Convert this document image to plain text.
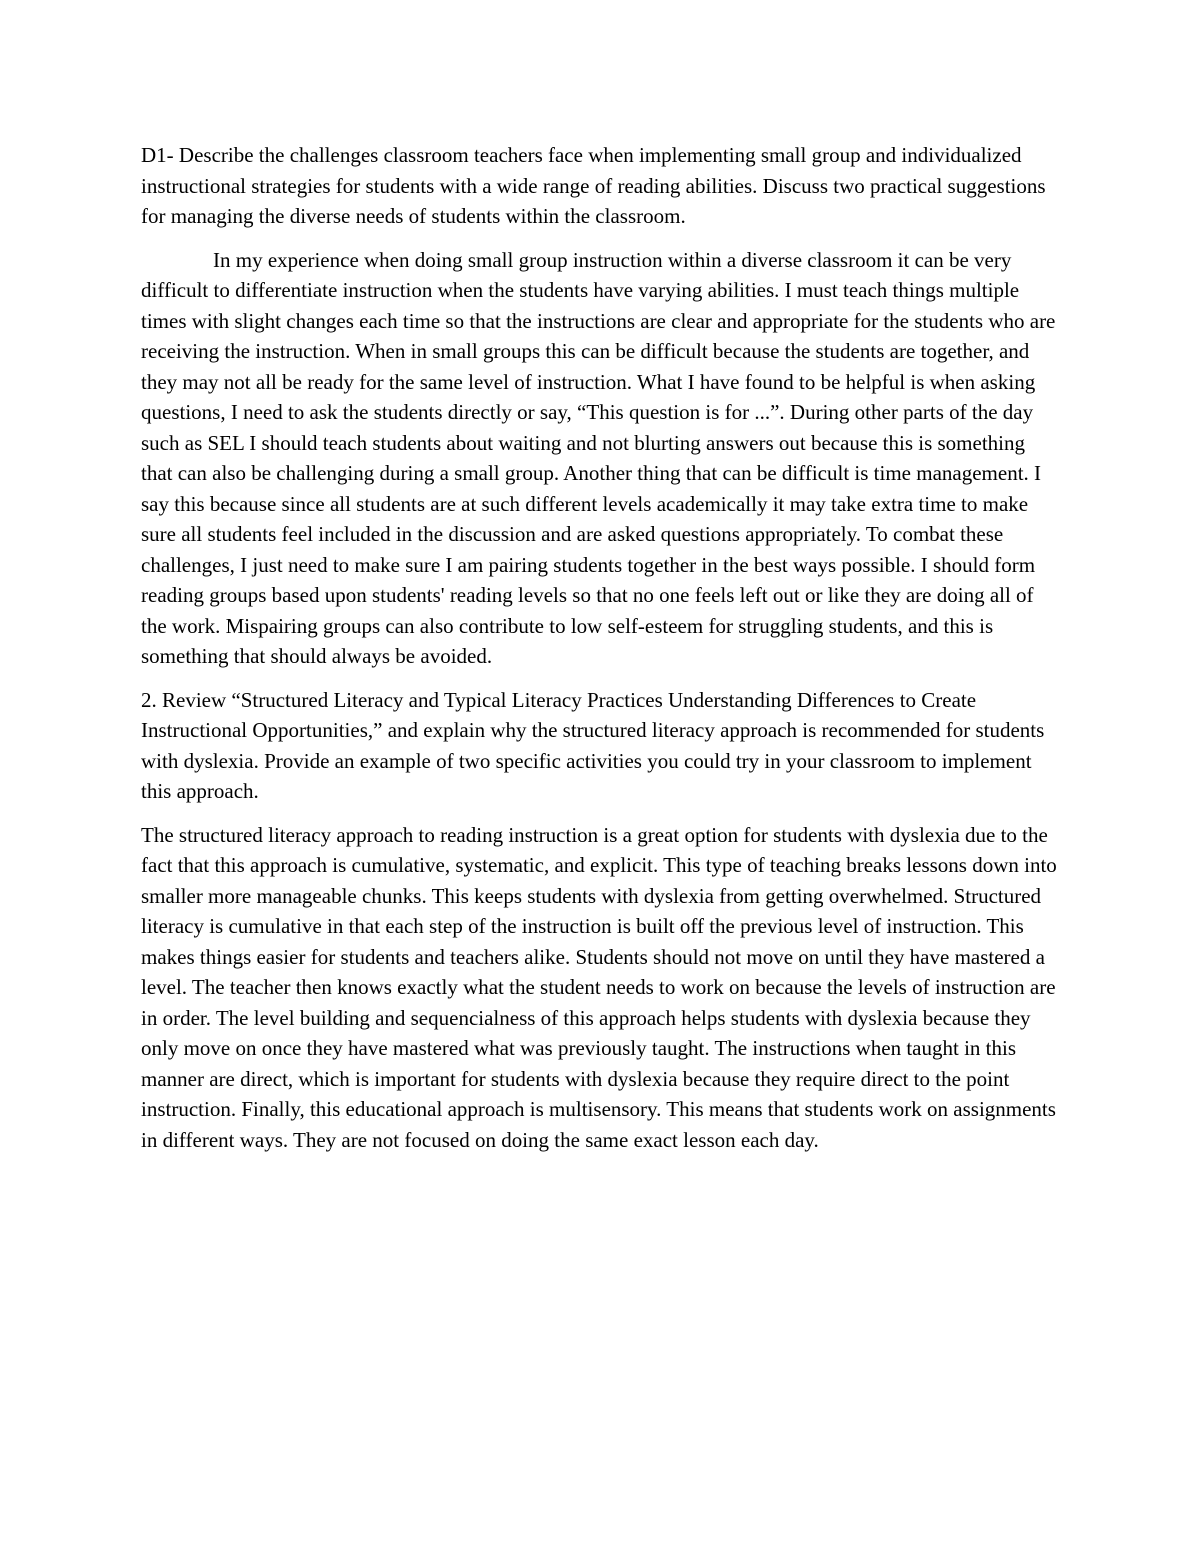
D1- Describe the challenges classroom teachers face when implementing small group and individualized instructional strategies for students with a wide range of reading abilities. Discuss two practical suggestions for managing the diverse needs of students within the classroom.

In my experience when doing small group instruction within a diverse classroom it can be very difficult to differentiate instruction when the students have varying abilities. I must teach things multiple times with slight changes each time so that the instructions are clear and appropriate for the students who are receiving the instruction. When in small groups this can be difficult because the students are together, and they may not all be ready for the same level of instruction. What I have found to be helpful is when asking questions, I need to ask the students directly or say, “This question is for ...”. During other parts of the day such as SEL I should teach students about waiting and not blurting answers out because this is something that can also be challenging during a small group. Another thing that can be difficult is time management. I say this because since all students are at such different levels academically it may take extra time to make sure all students feel included in the discussion and are asked questions appropriately. To combat these challenges, I just need to make sure I am pairing students together in the best ways possible. I should form reading groups based upon students' reading levels so that no one feels left out or like they are doing all of the work. Mispairing groups can also contribute to low self-esteem for struggling students, and this is something that should always be avoided.

2. Review “Structured Literacy and Typical Literacy Practices Understanding Differences to Create Instructional Opportunities,” and explain why the structured literacy approach is recommended for students with dyslexia. Provide an example of two specific activities you could try in your classroom to implement this approach.

The structured literacy approach to reading instruction is a great option for students with dyslexia due to the fact that this approach is cumulative, systematic, and explicit. This type of teaching breaks lessons down into smaller more manageable chunks. This keeps students with dyslexia from getting overwhelmed. Structured literacy is cumulative in that each step of the instruction is built off the previous level of instruction. This makes things easier for students and teachers alike. Students should not move on until they have mastered a level. The teacher then knows exactly what the student needs to work on because the levels of instruction are in order. The level building and sequencialness of this approach helps students with dyslexia because they only move on once they have mastered what was previously taught. The instructions when taught in this manner are direct, which is important for students with dyslexia because they require direct to the point instruction. Finally, this educational approach is multisensory. This means that students work on assignments in different ways. They are not focused on doing the same exact lesson each day.
